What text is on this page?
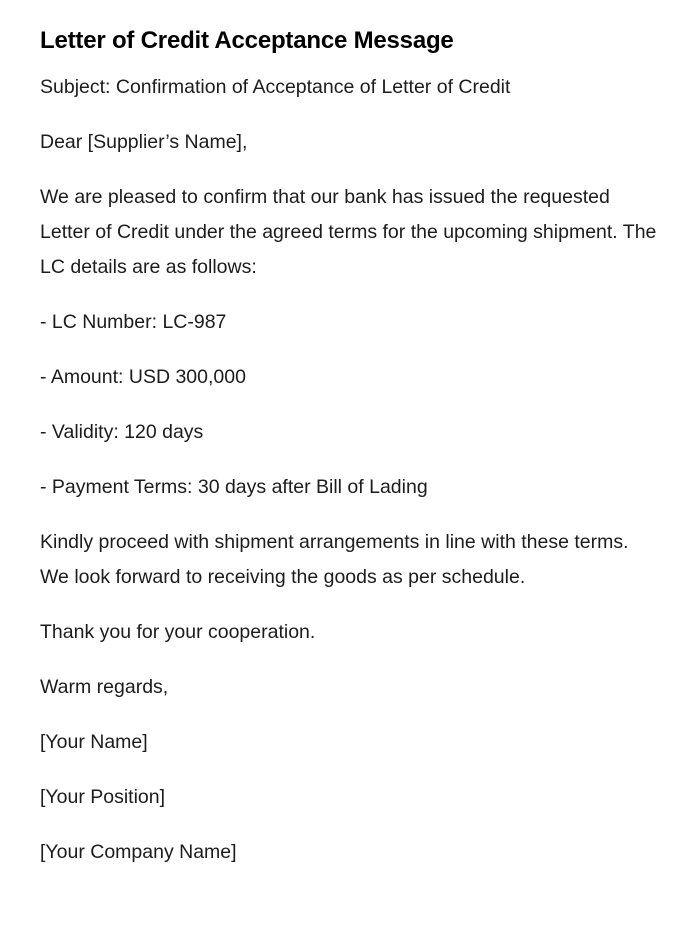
Letter of Credit Acceptance Message

Subject: Confirmation of Acceptance of Letter of Credit

Dear [Supplier’s Name],

We are pleased to confirm that our bank has issued the requested Letter of Credit under the agreed terms for the upcoming shipment. The LC details are as follows:

- LC Number: LC-987

- Amount: USD 300,000

- Validity: 120 days

- Payment Terms: 30 days after Bill of Lading

Kindly proceed with shipment arrangements in line with these terms. We look forward to receiving the goods as per schedule.

Thank you for your cooperation.

Warm regards,

[Your Name]

[Your Position]

[Your Company Name]
